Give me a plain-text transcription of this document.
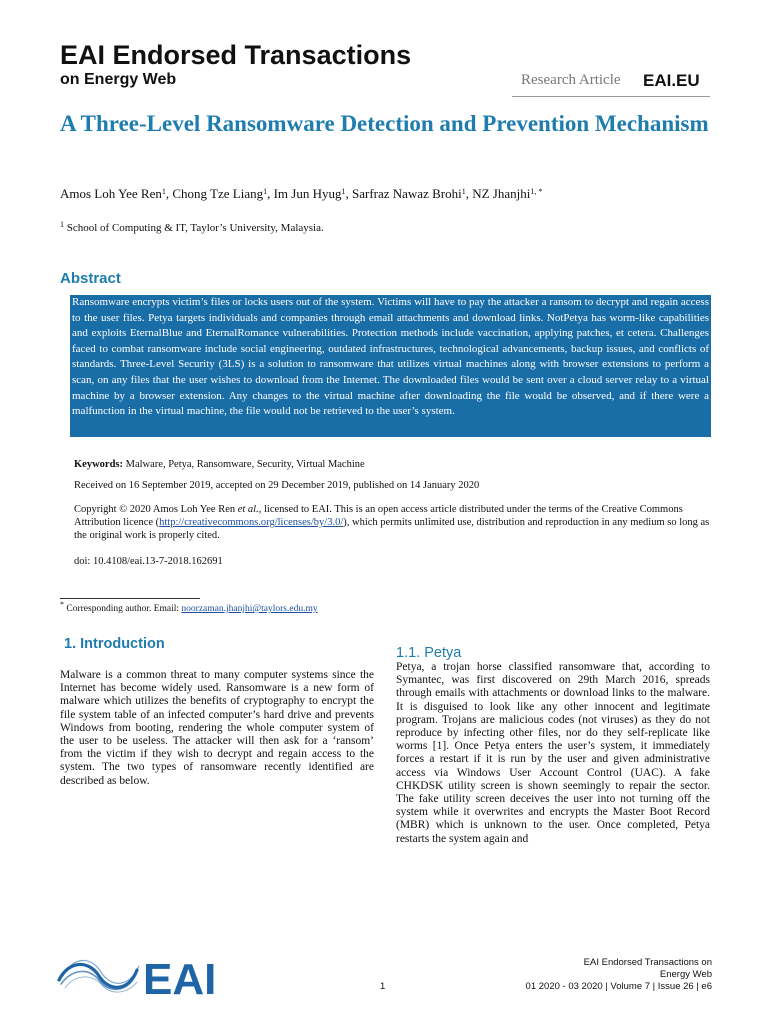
EAI Endorsed Transactions
on Energy Web	Research Article EAI.EU
A Three-Level Ransomware Detection and Prevention Mechanism
Amos Loh Yee Ren$^1$, Chong Tze Liang$^1$, Im Jun Hyug$^1$, Sarfraz Nawaz Brohi$^1$, NZ Jhanjhi$^{1, *}$
$^1$ School of Computing & IT, Taylor’s University, Malaysia.
Abstract
Ransomware encrypts victim’s files or locks users out of the system. Victims will have to pay the attacker a ransom to decrypt and regain access to the user files. Petya targets individuals and companies through email attachments and download links. NotPetya has worm-like capabilities and exploits EternalBlue and EternalRomance vulnerabilities. Protection methods include vaccination, applying patches, et cetera. Challenges faced to combat ransomware include social engineering, outdated infrastructures, technological advancements, backup issues, and conflicts of standards. Three-Level Security (3LS) is a solution to ransomware that utilizes virtual machines along with browser extensions to perform a scan, on any files that the user wishes to download from the Internet. The downloaded files would be sent over a cloud server relay to a virtual machine by a browser extension. Any changes to the virtual machine after downloading the file would be observed, and if there were a malfunction in the virtual machine, the file would not be retrieved to the user’s system.
Keywords: Malware, Petya, Ransomware, Security, Virtual Machine
Received on 16 September 2019, accepted on 29 December 2019, published on 14 January 2020
Copyright © 2020 Amos Loh Yee Ren et al., licensed to EAI. This is an open access article distributed under the terms of the Creative Commons Attribution licence (http://creativecommons.org/licenses/by/3.0/), which permits unlimited use, distribution and reproduction in any medium so long as the original work is properly cited.
doi: 10.4108/eai.13-7-2018.162691
* Corresponding author. Email: noorzaman.jhanjhi@taylors.edu.my
1. Introduction
Malware is a common threat to many computer systems since the Internet has become widely used. Ransomware is a new form of malware which utilizes the benefits of cryptography to encrypt the file system table of an infected computer’s hard drive and prevents Windows from booting, rendering the whole computer system of the user to be useless. The attacker will then ask for a ‘ransom’ from the victim if they wish to decrypt and regain access to the system. The two types of ransomware recently identified are described as below.
1.1. Petya
Petya, a trojan horse classified ransomware that, according to Symantec, was first discovered on 29th March 2016, spreads through emails with attachments or download links to the malware. It is disguised to look like any other innocent and legitimate program. Trojans are malicious codes (not viruses) as they do not reproduce by infecting other files, nor do they self-replicate like worms [1]. Once Petya enters the user’s system, it immediately forces a restart if it is run by the user and given administrative access via Windows User Account Control (UAC). A fake CHKDSK utility screen is shown seemingly to repair the sector. The fake utility screen deceives the user into not turning off the system while it overwrites and encrypts the Master Boot Record (MBR) which is unknown to the user. Once completed, Petya restarts the system again and
EAI	1
EAI Endorsed Transactions on
Energy Web
01 2020 - 03 2020 | Volume 7 | Issue 26 | e6
